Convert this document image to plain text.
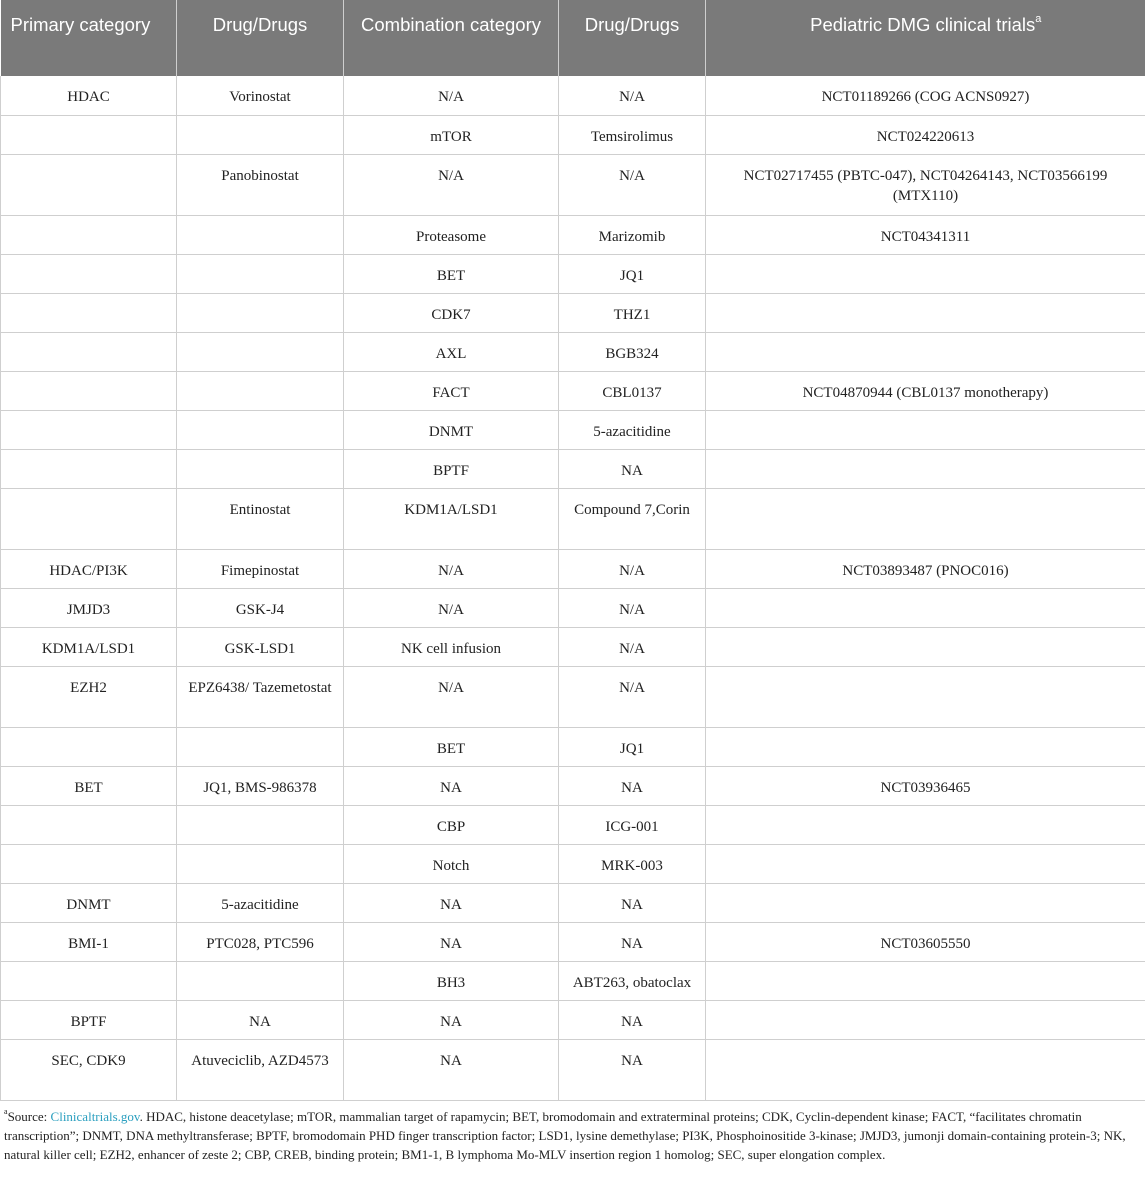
Primary category	Drug/Drugs	Combination category	Drug/Drugs	Pediatric DMG clinical trials$^a$
HDAC	Vorinostat	N/A	N/A	NCT01189266 (COG ACNS0927)
		mTOR	Temsirolimus	NCT024220613
	Panobinostat	N/A	N/A	NCT02717455 (PBTC-047), NCT04264143, NCT03566199 (MTX110)
		Proteasome	Marizomib	NCT04341311
		BET	JQ1	
		CDK7	THZ1	
		AXL	BGB324	
		FACT	CBL0137	NCT04870944 (CBL0137 monotherapy)
		DNMT	5-azacitidine	
		BPTF	NA	
	Entinostat	KDM1A/LSD1	Compound 7,Corin	
HDAC/PI3K	Fimepinostat	N/A	N/A	NCT03893487 (PNOC016)
JMJD3	GSK-J4	N/A	N/A	
KDM1A/LSD1	GSK-LSD1	NK cell infusion	N/A	
EZH2	EPZ6438/ Tazemetostat	N/A	N/A	
		BET	JQ1	
BET	JQ1, BMS-986378	NA	NA	NCT03936465
		CBP	ICG-001	
		Notch	MRK-003	
DNMT	5-azacitidine	NA	NA	
BMI-1	PTC028, PTC596	NA	NA	NCT03605550
		BH3	ABT263, obatoclax	
BPTF	NA	NA	NA	
SEC, CDK9	Atuveciclib, AZD4573	NA	NA	
$^a$Source: Clinicaltrials.gov. HDAC, histone deacetylase; mTOR, mammalian target of rapamycin; BET, bromodomain and extraterminal proteins; CDK, Cyclin-dependent kinase; FACT, “facilitates chromatin transcription”; DNMT, DNA methyltransferase; BPTF, bromodomain PHD finger transcription factor; LSD1, lysine demethylase; PI3K, Phosphoinositide 3-kinase; JMJD3, jumonji domain-containing protein-3; NK, natural killer cell; EZH2, enhancer of zeste 2; CBP, CREB, binding protein; BM1-1, B lymphoma Mo-MLV insertion region 1 homolog; SEC, super elongation complex.
